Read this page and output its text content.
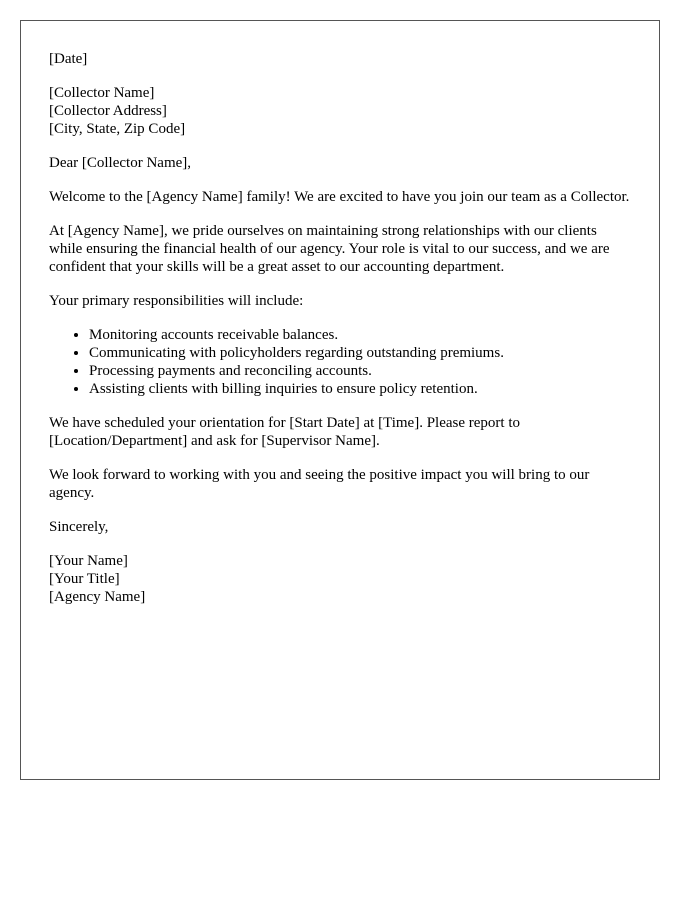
[Date]

[Collector Name]
[Collector Address]
[City, State, Zip Code]

Dear [Collector Name],

Welcome to the [Agency Name] family! We are excited to have you join our team as a Collector.

At [Agency Name], we pride ourselves on maintaining strong relationships with our clients while ensuring the financial health of our agency. Your role is vital to our success, and we are confident that your skills will be a great asset to our accounting department.

Your primary responsibilities will include:

• Monitoring accounts receivable balances.
• Communicating with policyholders regarding outstanding premiums.
• Processing payments and reconciling accounts.
• Assisting clients with billing inquiries to ensure policy retention.

We have scheduled your orientation for [Start Date] at [Time]. Please report to [Location/Department] and ask for [Supervisor Name].

We look forward to working with you and seeing the positive impact you will bring to our agency.

Sincerely,

[Your Name]
[Your Title]
[Agency Name]
